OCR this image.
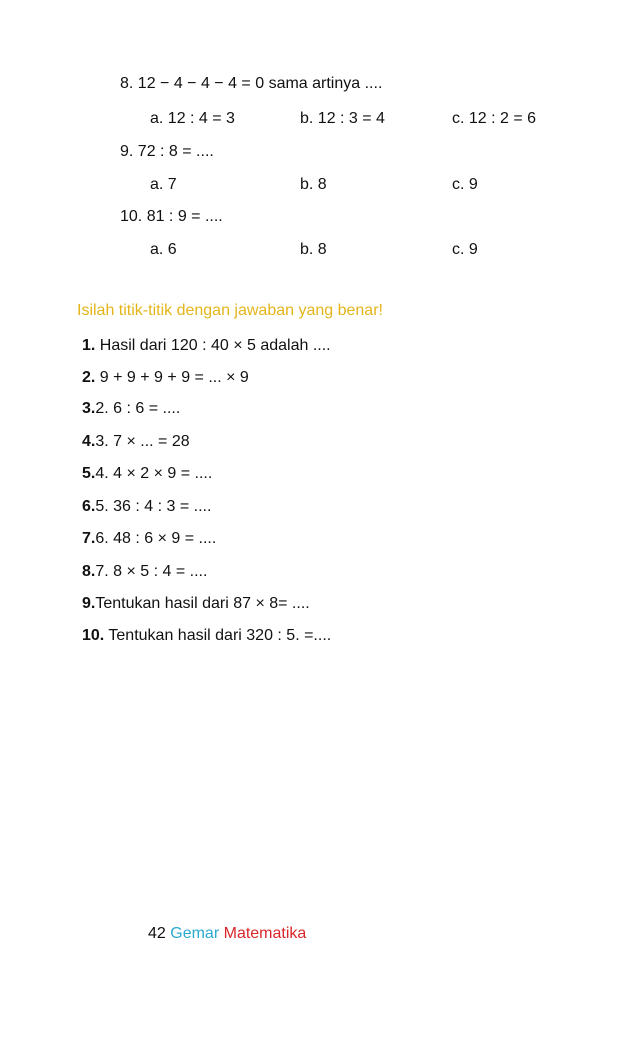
8. 12 − 4 − 4 − 4 = 0 sama artinya ....
a. 12 : 4 = 3	b. 12 : 3 = 4	c. 12 : 2 = 6
9. 72 : 8 = ....
a. 7	b. 8	c. 9
10. 81 : 9 = ....
a. 6	b. 8	c. 9
Isilah titik-titik dengan jawaban yang benar!
1. Hasil dari 120 : 40 × 5 adalah ....
2. 9 + 9 + 9 + 9 = ... × 9
3.2. 6 : 6 = ....
4.3. 7 × ... = 28
5.4. 4 × 2 × 9 = ....
6.5. 36 : 4 : 3 = ....
7.6. 48 : 6 × 9 = ....
8.7. 8 × 5 : 4 = ....
9.Tentukan hasil dari 87 × 8= ....
10. Tentukan hasil dari 320 : 5. =....
42 Gemar Matematika
